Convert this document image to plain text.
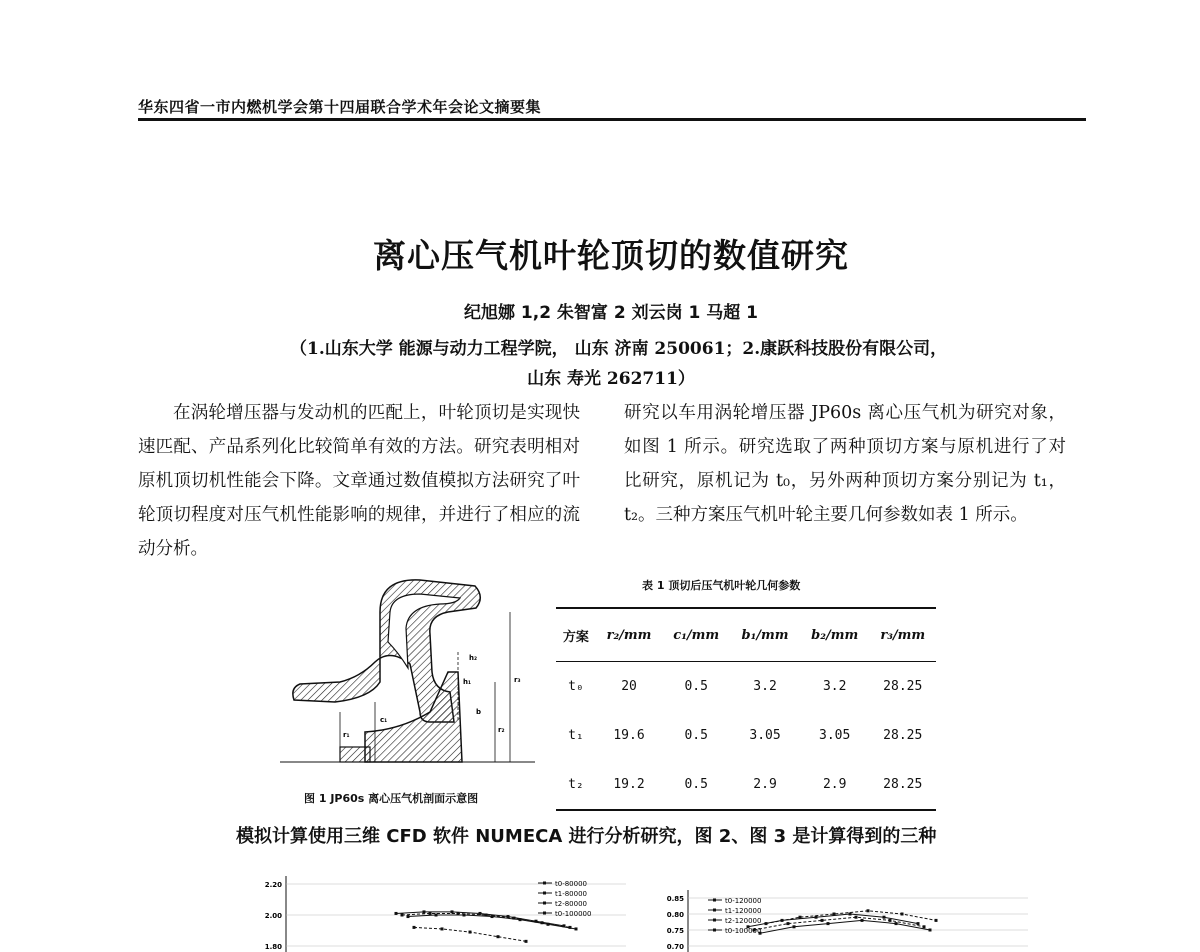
华东四省一市内燃机学会第十四届联合学术年会论文摘要集
离心压气机叶轮顶切的数值研究
纪旭娜 1,2 朱智富 2 刘云岗 1 马超 1
（1.山东大学 能源与动力工程学院， 山东 济南 250061；2.康跃科技股份有限公司，
山东 寿光 262711）

在涡轮增压器与发动机的匹配上，叶轮顶切是实现快速匹配、产品系列化比较简单有效的方法。研究表明相对原机顶切机性能会下降。文章通过数值模拟方法研究了叶轮顶切程度对压气机性能影响的规律，并进行了相应的流动分析。

研究以车用涡轮增压器 JP60s 离心压气机为研究对象，如图 1 所示。研究选取了两种顶切方案与原机进行了对比研究，原机记为 t₀，另外两种顶切方案分别记为 t₁，t₂。三种方案压气机叶轮主要几何参数如表 1 所示。

h₂
h₁
b
c₁
r₁
r₂
r₃
图 1 JP60s 离心压气机剖面示意图
表 1 顶切后压气机叶轮几何参数
方案	r₂/mm	c₁/mm	b₁/mm	b₂/mm	r₃/mm
t₀	20	0.5	3.2	3.2	28.25
t₁	19.6	0.5	3.05	3.05	28.25
t₂	19.2	0.5	2.9	2.9	28.25
模拟计算使用三维 CFD 软件 NUMECA 进行分析研究，图 2、图 3 是计算得到的三种
2.20
2.00
1.80
t0-80000
t1-80000
t2-80000
t0-100000
0.85
0.80
0.75
0.70
t0-120000
t1-120000
t2-120000
t0-100000
